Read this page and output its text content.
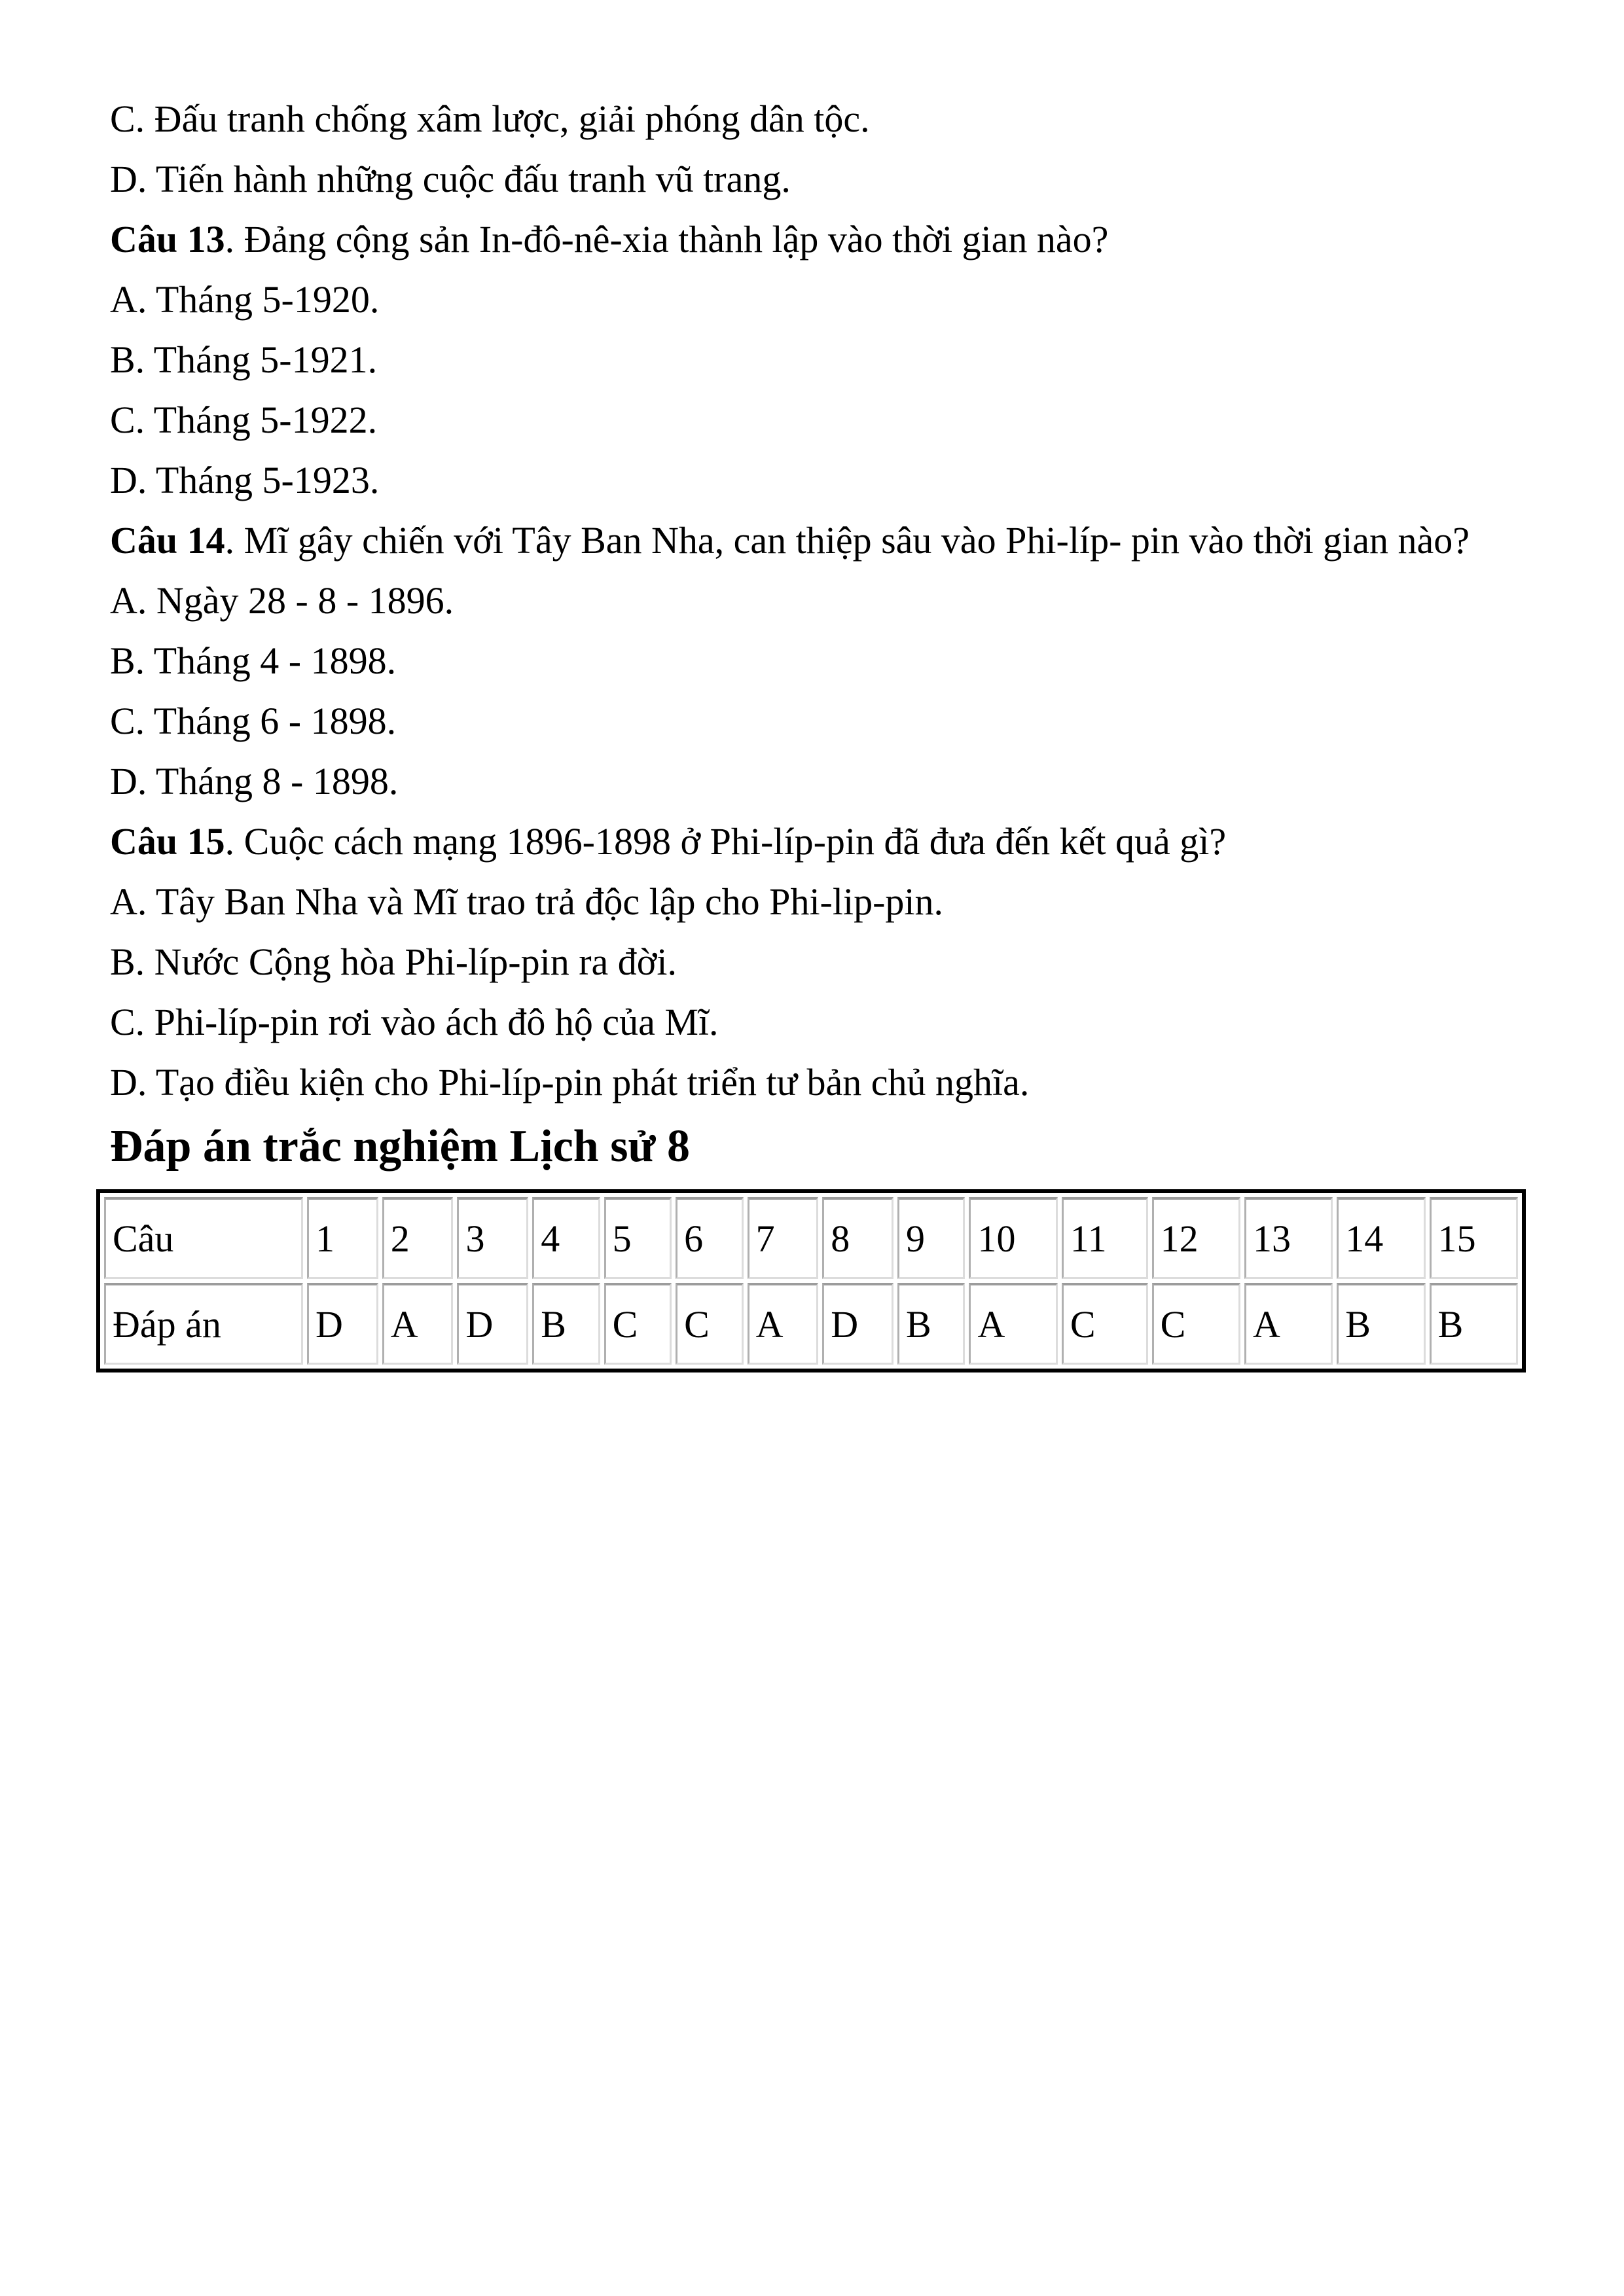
C. Đấu tranh chống xâm lược, giải phóng dân tộc.

D. Tiến hành những cuộc đấu tranh vũ trang.

Câu 13. Đảng cộng sản In-đô-nê-xia thành lập vào thời gian nào?

A. Tháng 5-1920.

B. Tháng 5-1921.

C. Tháng 5-1922.

D. Tháng 5-1923.

Câu 14. Mĩ gây chiến với Tây Ban Nha, can thiệp sâu vào Phi-líp- pin vào thời gian nào?

A. Ngày 28 - 8 - 1896.

B. Tháng 4 - 1898.

C. Tháng 6 - 1898.

D. Tháng 8 - 1898.

Câu 15. Cuộc cách mạng 1896-1898 ở Phi-líp-pin đã đưa đến kết quả gì?

A. Tây Ban Nha và Mĩ trao trả độc lập cho Phi-lip-pin.

B. Nước Cộng hòa Phi-líp-pin ra đời.

C. Phi-líp-pin rơi vào ách đô hộ của Mĩ.

D. Tạo điều kiện cho Phi-líp-pin phát triển tư bản chủ nghĩa.

Đáp án trắc nghiệm Lịch sử 8

Câu	1	2	3	4	5	6	7	8	9	10	11	12	13	14	15
Đáp án	D	A	D	B	C	C	A	D	B	A	C	C	A	B	B
